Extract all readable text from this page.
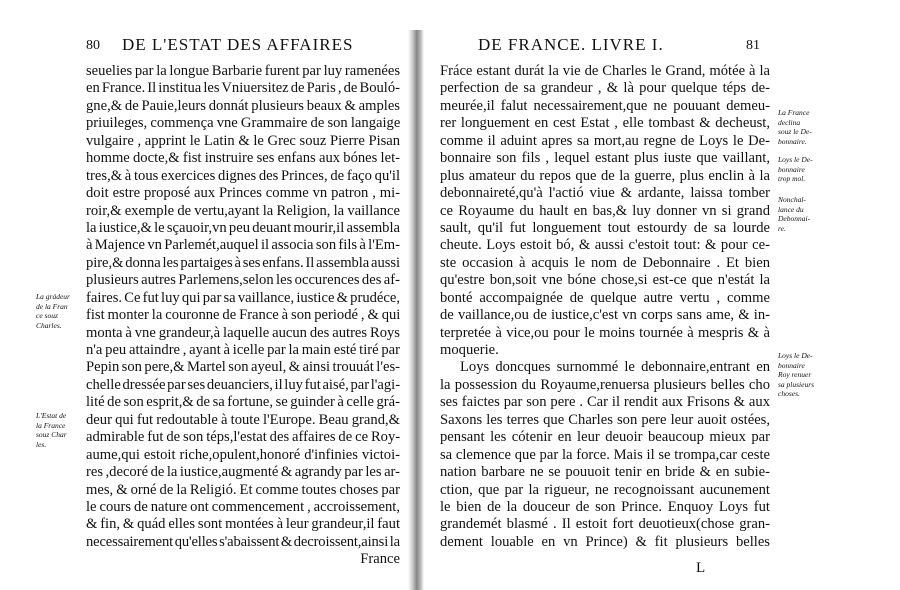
80 DE L'ESTAT DES AFFAIRES
seuelies par la longue Barbarie furent par luy ramenées
en France. Il institua les Vniuersitez de Paris , de Bouló-
gne,& de Pauie,leurs donnát plusieurs beaux & amples
priuileges, commença vne Grammaire de son langaige
vulgaire , apprint le Latin & le Grec souz Pierre Pisan
homme docte,& fist instruire ses enfans aux bónes let-
tres,& à tous exercices dignes des Princes, de faço qu'il
doit estre proposé aux Princes comme vn patron , mi-
roir,& exemple de vertu,ayant la Religion, la vaillance
la iustice,& le sçauoir,vn peu deuant mourir,il assembla
à Majence vn Parlemét,auquel il associa son fils à l'Em-
pire,& donna les partaiges à ses enfans. Il assembla aussi
plusieurs autres Parlemens,selon les occurences des af-
faires. Ce fut luy qui par sa vaillance, iustice & prudéce,
fist monter la couronne de France à son periodé , & qui
monta à vne grandeur,à laquelle aucun des autres Roys
n'a peu attaindre , ayant à icelle par la main esté tiré par
Pepin son pere,& Martel son ayeul, & ainsi trouuát l'es-
chelle dressée par ses deuanciers, il luy fut aisé, par l'agi-
lité de son esprit,& de sa fortune, se guinder à celle grá-
deur qui fut redoutable à toute l'Europe. Beau grand,&
admirable fut de son téps,l'estat des affaires de ce Roy-
aume,qui estoit riche,opulent,honoré d'infinies victoi-
res ,decoré de la iustice,augmenté & agrandy par les ar-
mes, & orné de la Religió. Et comme toutes choses par
le cours de nature ont commencement , accroissement,
& fin, & quád elles sont montées à leur grandeur,il faut
necessairement qu'elles s'abaissent & decroissent,ainsi la
France
La grádeur
de la Fran
ce souz
Charles.
L'Estat de
la France
souz Char
les.
DE FRANCE. LIVRE I.	81
Fráce estant durát la vie de Charles le Grand, mótée à la
perfection de sa grandeur , & là pour quelque téps de-
meurée,il falut necessairement,que ne pouuant demeu-
rer longuement en cest Estat , elle tombast & decheust,
comme il aduint apres sa mort,au regne de Loys le De-
bonnaire son fils , lequel estant plus iuste que vaillant,
plus amateur du repos que de la guerre, plus enclin à la
debonnaireté,qu'à l'actió viue & ardante, laissa tomber
ce Royaume du hault en bas,& luy donner vn si grand
sault, qu'il fut longuement tout estourdy de sa lourde
cheute. Loys estoit bó, & aussi c'estoit tout: & pour ce-
ste occasion à acquis le nom de Debonnaire . Et bien
qu'estre bon,soit vne bóne chose,si est-ce que n'estát la
bonté accompaignée de quelque autre vertu , comme
de vaillance,ou de iustice,c'est vn corps sans ame, & in-
terpretée à vice,ou pour le moins tournée à mespris & à
moquerie.
Loys doncques surnommé le debonnaire,entrant en
la possession du Royaume,renuersa plusieurs belles cho
ses faictes par son pere . Car il rendit aux Frisons & aux
Saxons les terres que Charles son pere leur auoit ostées,
pensant les cótenir en leur deuoir beaucoup mieux par
sa clemence que par la force. Mais il se trompa,car ceste
nation barbare ne se pouuoit tenir en bride & en subie-
ction, que par la rigueur, ne recognoissant aucunement
le bien de la douceur de son Prince. Enquoy Loys fut
grandemét blasmé . Il estoit fort deuotieux(chose gran-
dement louable en vn Prince) & fit plusieurs belles
La France
declina
souz le De-
bonnaire.
Loys le De-
bonnaire
trop mol.
Nonchal-
lance du
Debonnai-
re.
Loys le De-
bonnaire
Roy renuer
sa plusieurs
choses.
L
